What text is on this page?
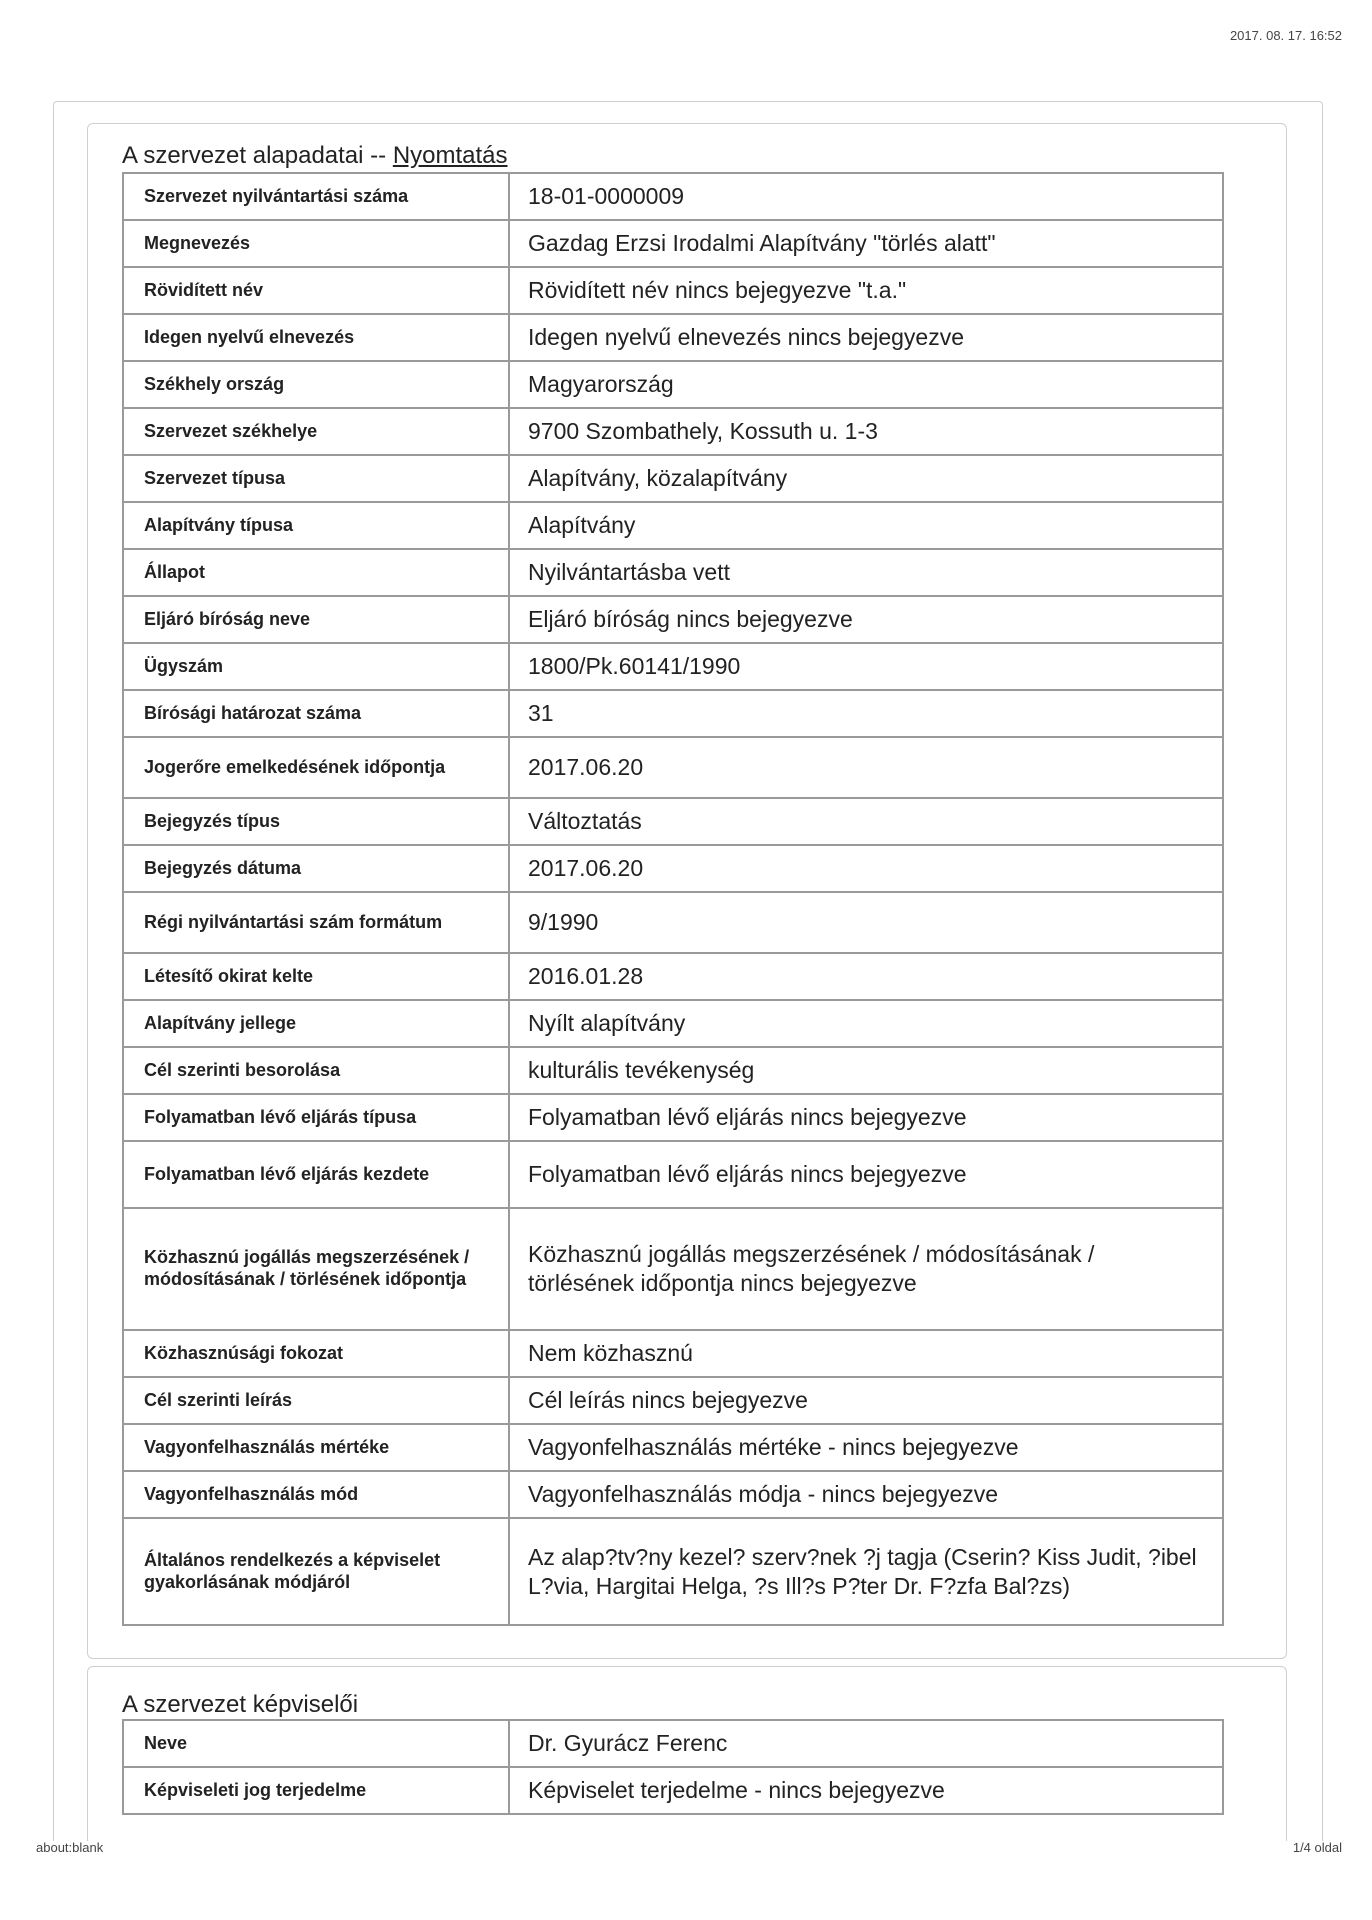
2017. 08. 17. 16:52
A szervezet alapadatai -- Nyomtatás
Szervezet nyilvántartási száma	18-01-0000009
Megnevezés	Gazdag Erzsi Irodalmi Alapítvány "törlés alatt"
Rövidített név	Rövidített név nincs bejegyezve "t.a."
Idegen nyelvű elnevezés	Idegen nyelvű elnevezés nincs bejegyezve
Székhely ország	Magyarország
Szervezet székhelye	9700 Szombathely, Kossuth u. 1-3
Szervezet típusa	Alapítvány, közalapítvány
Alapítvány típusa	Alapítvány
Állapot	Nyilvántartásba vett
Eljáró bíróság neve	Eljáró bíróság nincs bejegyezve
Ügyszám	1800/Pk.60141/1990
Bírósági határozat száma	31
Jogerőre emelkedésének időpontja	2017.06.20
Bejegyzés típus	Változtatás
Bejegyzés dátuma	2017.06.20
Régi nyilvántartási szám formátum	9/1990
Létesítő okirat kelte	2016.01.28
Alapítvány jellege	Nyílt alapítvány
Cél szerinti besorolása	kulturális tevékenység
Folyamatban lévő eljárás típusa	Folyamatban lévő eljárás nincs bejegyezve
Folyamatban lévő eljárás kezdete	Folyamatban lévő eljárás nincs bejegyezve
Közhasznú jogállás megszerzésének / módosításának / törlésének időpontja	Közhasznú jogállás megszerzésének / módosításának / törlésének időpontja nincs bejegyezve
Közhasznúsági fokozat	Nem közhasznú
Cél szerinti leírás	Cél leírás nincs bejegyezve
Vagyonfelhasználás mértéke	Vagyonfelhasználás mértéke - nincs bejegyezve
Vagyonfelhasználás mód	Vagyonfelhasználás módja - nincs bejegyezve
Általános rendelkezés a képviselet gyakorlásának módjáról	Az alap?tv?ny kezel? szerv?nek ?j tagja (Cserin? Kiss Judit, ?ibel L?via, Hargitai Helga, ?s Ill?s P?ter Dr. F?zfa Bal?zs)
A szervezet képviselői
Neve	Dr. Gyurácz Ferenc
Képviseleti jog terjedelme	Képviselet terjedelme - nincs bejegyezve
about:blank	1/4 oldal
